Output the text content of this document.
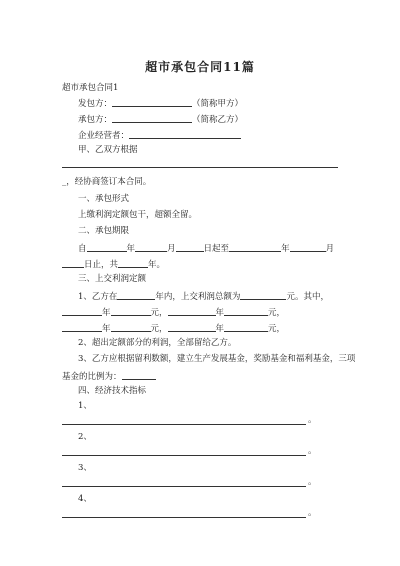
超市承包合同11篇
超市承包合同1
发包方：	（简称甲方）
承包方：	（简称乙方）
企业经营者：
甲、乙双方根据
_，经协商签订本合同。
一、承包形式
上缴利润定额包干，超额全留。
二、承包期限
自	年	月	日起至	年	月
日止，共	年。
三、上交利润定额
1、乙方在	年内，上交利润总额为	元。其中，
年	元，	年	元，
年	元，	年	元，
2、超出定额部分的利润，全部留给乙方。
3、乙方应根据留利数额，建立生产发展基金，奖励基金和福利基金，三项
基金的比例为：
四、经济技术指标
1、
。
2、
。
3、
。
4、
。
